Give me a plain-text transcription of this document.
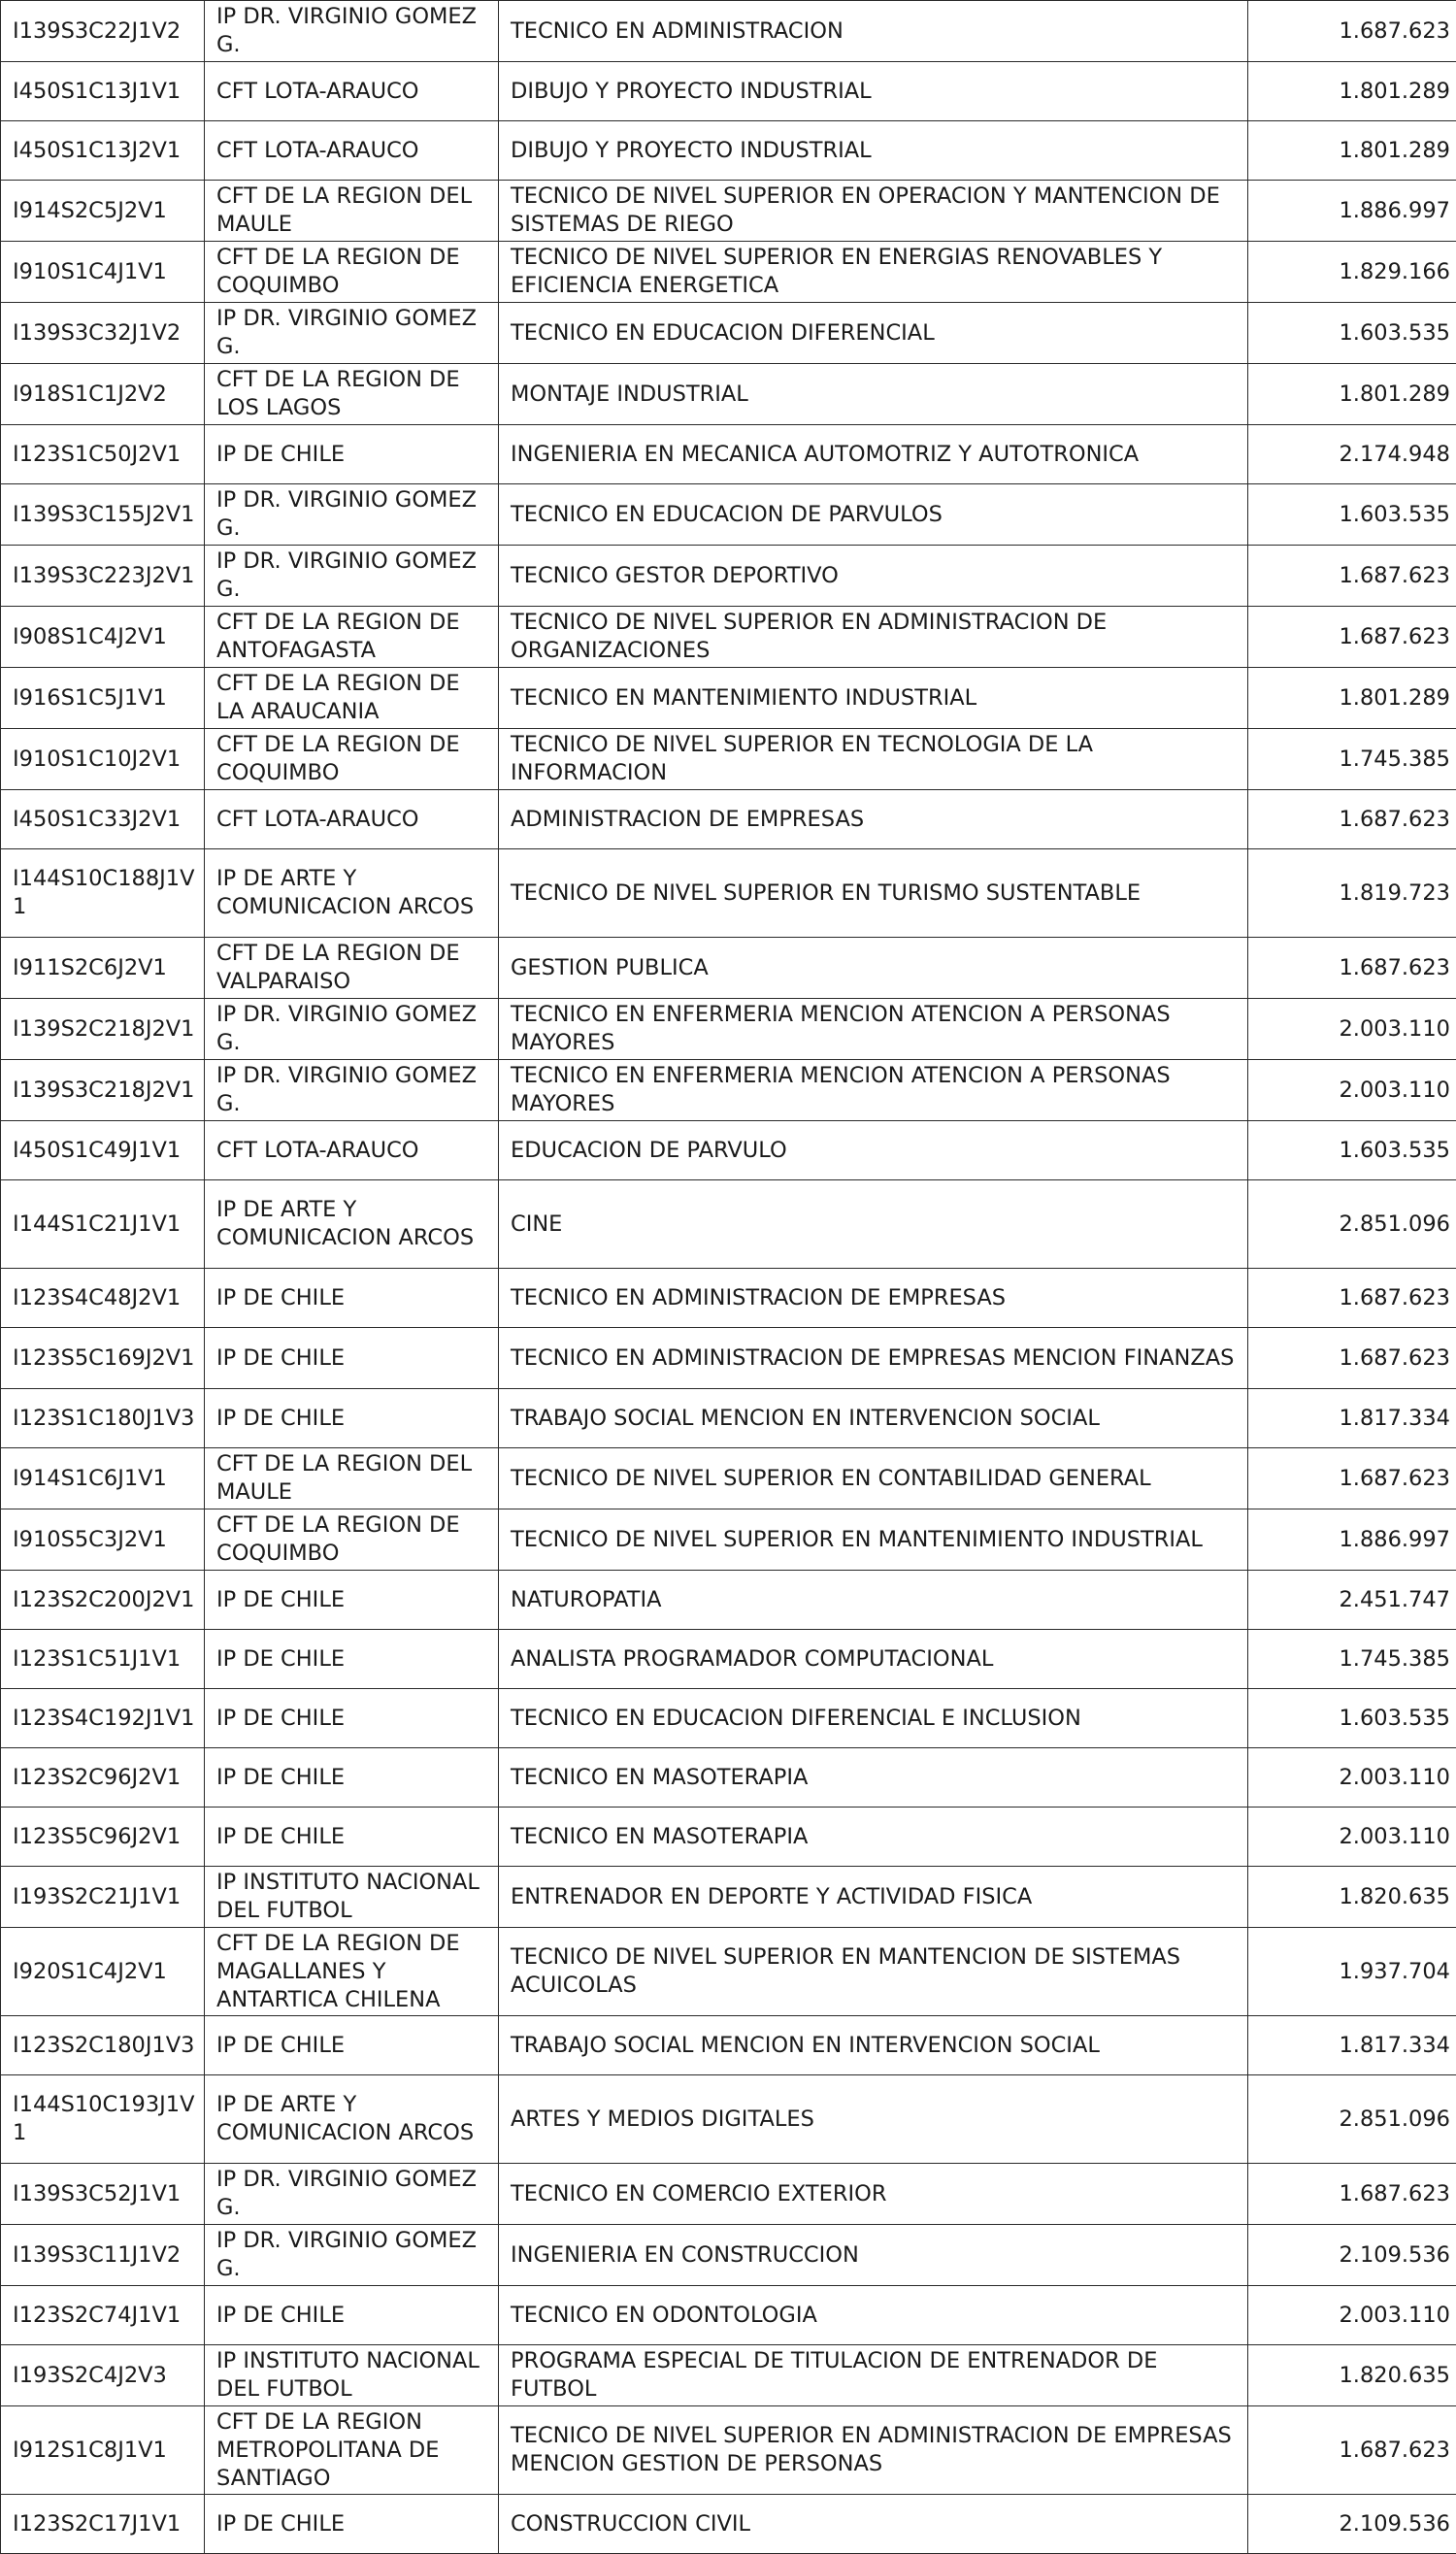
I139S3C22J1V2	IP DR. VIRGINIO GOMEZ G.	TECNICO EN ADMINISTRACION	1.687.623
I450S1C13J1V1	CFT LOTA-ARAUCO	DIBUJO Y PROYECTO INDUSTRIAL	1.801.289
I450S1C13J2V1	CFT LOTA-ARAUCO	DIBUJO Y PROYECTO INDUSTRIAL	1.801.289
I914S2C5J2V1	CFT DE LA REGION DEL MAULE	TECNICO DE NIVEL SUPERIOR EN OPERACION Y MANTENCION DE SISTEMAS DE RIEGO	1.886.997
I910S1C4J1V1	CFT DE LA REGION DE COQUIMBO	TECNICO DE NIVEL SUPERIOR EN ENERGIAS RENOVABLES Y EFICIENCIA ENERGETICA	1.829.166
I139S3C32J1V2	IP DR. VIRGINIO GOMEZ G.	TECNICO EN EDUCACION DIFERENCIAL	1.603.535
I918S1C1J2V2	CFT DE LA REGION DE LOS LAGOS	MONTAJE INDUSTRIAL	1.801.289
I123S1C50J2V1	IP DE CHILE	INGENIERIA EN MECANICA AUTOMOTRIZ Y AUTOTRONICA	2.174.948
I139S3C155J2V1	IP DR. VIRGINIO GOMEZ G.	TECNICO EN EDUCACION DE PARVULOS	1.603.535
I139S3C223J2V1	IP DR. VIRGINIO GOMEZ G.	TECNICO GESTOR DEPORTIVO	1.687.623
I908S1C4J2V1	CFT DE LA REGION DE ANTOFAGASTA	TECNICO DE NIVEL SUPERIOR EN ADMINISTRACION DE ORGANIZACIONES	1.687.623
I916S1C5J1V1	CFT DE LA REGION DE LA ARAUCANIA	TECNICO EN MANTENIMIENTO INDUSTRIAL	1.801.289
I910S1C10J2V1	CFT DE LA REGION DE COQUIMBO	TECNICO DE NIVEL SUPERIOR EN TECNOLOGIA DE LA INFORMACION	1.745.385
I450S1C33J2V1	CFT LOTA-ARAUCO	ADMINISTRACION DE EMPRESAS	1.687.623
I144S10C188J1V1	IP DE ARTE Y COMUNICACION ARCOS	TECNICO DE NIVEL SUPERIOR EN TURISMO SUSTENTABLE	1.819.723
I911S2C6J2V1	CFT DE LA REGION DE VALPARAISO	GESTION PUBLICA	1.687.623
I139S2C218J2V1	IP DR. VIRGINIO GOMEZ G.	TECNICO EN ENFERMERIA MENCION ATENCION A PERSONAS MAYORES	2.003.110
I139S3C218J2V1	IP DR. VIRGINIO GOMEZ G.	TECNICO EN ENFERMERIA MENCION ATENCION A PERSONAS MAYORES	2.003.110
I450S1C49J1V1	CFT LOTA-ARAUCO	EDUCACION DE PARVULO	1.603.535
I144S1C21J1V1	IP DE ARTE Y COMUNICACION ARCOS	CINE	2.851.096
I123S4C48J2V1	IP DE CHILE	TECNICO EN ADMINISTRACION DE EMPRESAS	1.687.623
I123S5C169J2V1	IP DE CHILE	TECNICO EN ADMINISTRACION DE EMPRESAS MENCION FINANZAS	1.687.623
I123S1C180J1V3	IP DE CHILE	TRABAJO SOCIAL MENCION EN INTERVENCION SOCIAL	1.817.334
I914S1C6J1V1	CFT DE LA REGION DEL MAULE	TECNICO DE NIVEL SUPERIOR EN CONTABILIDAD GENERAL	1.687.623
I910S5C3J2V1	CFT DE LA REGION DE COQUIMBO	TECNICO DE NIVEL SUPERIOR EN MANTENIMIENTO INDUSTRIAL	1.886.997
I123S2C200J2V1	IP DE CHILE	NATUROPATIA	2.451.747
I123S1C51J1V1	IP DE CHILE	ANALISTA PROGRAMADOR COMPUTACIONAL	1.745.385
I123S4C192J1V1	IP DE CHILE	TECNICO EN EDUCACION DIFERENCIAL E INCLUSION	1.603.535
I123S2C96J2V1	IP DE CHILE	TECNICO EN MASOTERAPIA	2.003.110
I123S5C96J2V1	IP DE CHILE	TECNICO EN MASOTERAPIA	2.003.110
I193S2C21J1V1	IP INSTITUTO NACIONAL DEL FUTBOL	ENTRENADOR EN DEPORTE Y ACTIVIDAD FISICA	1.820.635
I920S1C4J2V1	CFT DE LA REGION DE MAGALLANES Y ANTARTICA CHILENA	TECNICO DE NIVEL SUPERIOR EN MANTENCION DE SISTEMAS ACUICOLAS	1.937.704
I123S2C180J1V3	IP DE CHILE	TRABAJO SOCIAL MENCION EN INTERVENCION SOCIAL	1.817.334
I144S10C193J1V1	IP DE ARTE Y COMUNICACION ARCOS	ARTES Y MEDIOS DIGITALES	2.851.096
I139S3C52J1V1	IP DR. VIRGINIO GOMEZ G.	TECNICO EN COMERCIO EXTERIOR	1.687.623
I139S3C11J1V2	IP DR. VIRGINIO GOMEZ G.	INGENIERIA EN CONSTRUCCION	2.109.536
I123S2C74J1V1	IP DE CHILE	TECNICO EN ODONTOLOGIA	2.003.110
I193S2C4J2V3	IP INSTITUTO NACIONAL DEL FUTBOL	PROGRAMA ESPECIAL DE TITULACION DE ENTRENADOR DE FUTBOL	1.820.635
I912S1C8J1V1	CFT DE LA REGION METROPOLITANA DE SANTIAGO	TECNICO DE NIVEL SUPERIOR EN ADMINISTRACION DE EMPRESAS MENCION GESTION DE PERSONAS	1.687.623
I123S2C17J1V1	IP DE CHILE	CONSTRUCCION CIVIL	2.109.536
